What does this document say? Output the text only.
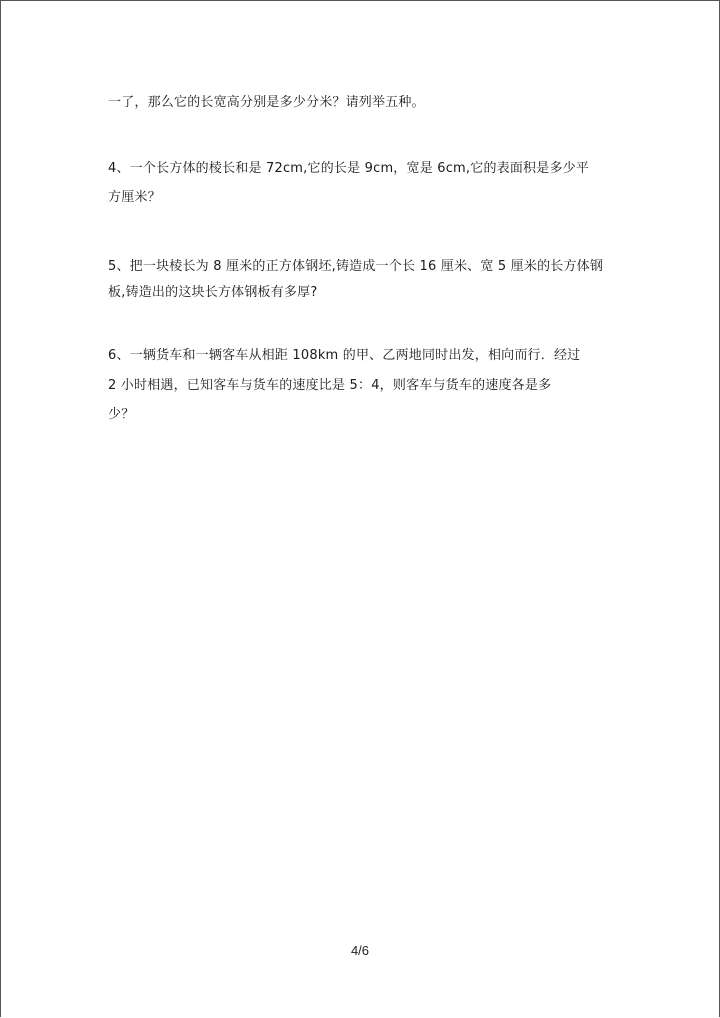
一了，那么它的长宽高分别是多少分米？请列举五种。
4、一个长方体的棱长和是 72cm,它的长是 9cm，宽是 6cm,它的表面积是多少平
方厘米？
5、把一块棱长为 8 厘米的正方体钢坯,铸造成一个长 16 厘米、宽 5 厘米的长方体钢
板,铸造出的这块长方体钢板有多厚?
6、一辆货车和一辆客车从相距 108km 的甲、乙两地同时出发，相向而行．经过
2 小时相遇，已知客车与货车的速度比是 5：4，则客车与货车的速度各是多
少？
4/6
